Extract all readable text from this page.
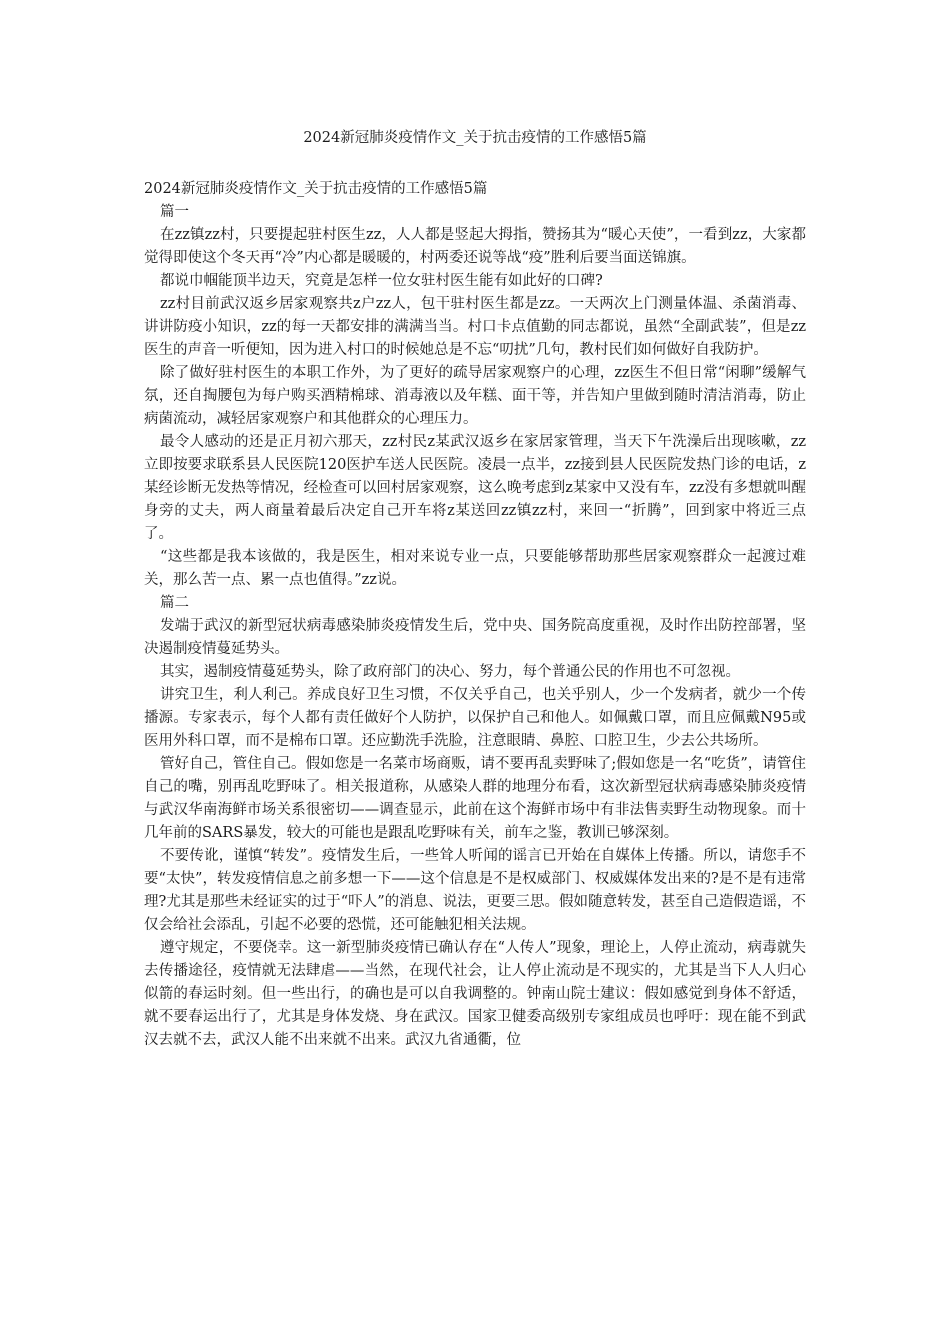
2024新冠肺炎疫情作文_关于抗击疫情的工作感悟5篇
2024新冠肺炎疫情作文_关于抗击疫情的工作感悟5篇

篇一

在zz镇zz村，只要提起驻村医生zz，人人都是竖起大拇指，赞扬其为“暖心天使”，一看到zz，大家都觉得即使这个冬天再“冷”内心都是暖暖的，村两委还说等战“疫”胜利后要当面送锦旗。

都说巾帼能顶半边天，究竟是怎样一位女驻村医生能有如此好的口碑?

zz村目前武汉返乡居家观察共z户zz人，包干驻村医生都是zz。一天两次上门测量体温、杀菌消毒、讲讲防疫小知识，zz的每一天都安排的满满当当。村口卡点值勤的同志都说，虽然“全副武装”，但是zz医生的声音一听便知，因为进入村口的时候她总是不忘“叨扰”几句，教村民们如何做好自我防护。

除了做好驻村医生的本职工作外，为了更好的疏导居家观察户的心理，zz医生不但日常“闲聊”缓解气氛，还自掏腰包为每户购买酒精棉球、消毒液以及年糕、面干等，并告知户里做到随时清洁消毒，防止病菌流动，减轻居家观察户和其他群众的心理压力。

最令人感动的还是正月初六那天，zz村民z某武汉返乡在家居家管理，当天下午洗澡后出现咳嗽，zz立即按要求联系县人民医院120医护车送人民医院。凌晨一点半，zz接到县人民医院发热门诊的电话，z某经诊断无发热等情况，经检查可以回村居家观察，这么晚考虑到z某家中又没有车，zz没有多想就叫醒身旁的丈夫，两人商量着最后决定自己开车将z某送回zz镇zz村，来回一“折腾”，回到家中将近三点了。

“这些都是我本该做的，我是医生，相对来说专业一点，只要能够帮助那些居家观察群众一起渡过难关，那么苦一点、累一点也值得。”zz说。

篇二

发端于武汉的新型冠状病毒感染肺炎疫情发生后，党中央、国务院高度重视，及时作出防控部署，坚决遏制疫情蔓延势头。

其实，遏制疫情蔓延势头，除了政府部门的决心、努力，每个普通公民的作用也不可忽视。

讲究卫生，利人利己。养成良好卫生习惯，不仅关乎自己，也关乎别人，少一个发病者，就少一个传播源。专家表示，每个人都有责任做好个人防护，以保护自己和他人。如佩戴口罩，而且应佩戴N95或医用外科口罩，而不是棉布口罩。还应勤洗手洗脸，注意眼睛、鼻腔、口腔卫生，少去公共场所。

管好自己，管住自己。假如您是一名菜市场商贩，请不要再乱卖野味了;假如您是一名“吃货”，请管住自己的嘴，别再乱吃野味了。相关报道称，从感染人群的地理分布看，这次新型冠状病毒感染肺炎疫情与武汉华南海鲜市场关系很密切——调查显示，此前在这个海鲜市场中有非法售卖野生动物现象。而十几年前的SARS暴发，较大的可能也是跟乱吃野味有关，前车之鉴，教训已够深刻。

不要传讹，谨慎“转发”。疫情发生后，一些耸人听闻的谣言已开始在自媒体上传播。所以，请您手不要“太快”，转发疫情信息之前多想一下——这个信息是不是权威部门、权威媒体发出来的?是不是有违常理?尤其是那些未经证实的过于“吓人”的消息、说法，更要三思。假如随意转发，甚至自己造假造谣，不仅会给社会添乱，引起不必要的恐慌，还可能触犯相关法规。

遵守规定，不要侥幸。这一新型肺炎疫情已确认存在“人传人”现象，理论上，人停止流动，病毒就失去传播途径，疫情就无法肆虐——当然，在现代社会，让人停止流动是不现实的，尤其是当下人人归心似箭的春运时刻。但一些出行，的确也是可以自我调整的。钟南山院士建议：假如感觉到身体不舒适，就不要春运出行了，尤其是身体发烧、身在武汉。国家卫健委高级别专家组成员也呼吁：现在能不到武汉去就不去，武汉人能不出来就不出来。武汉九省通衢，位
